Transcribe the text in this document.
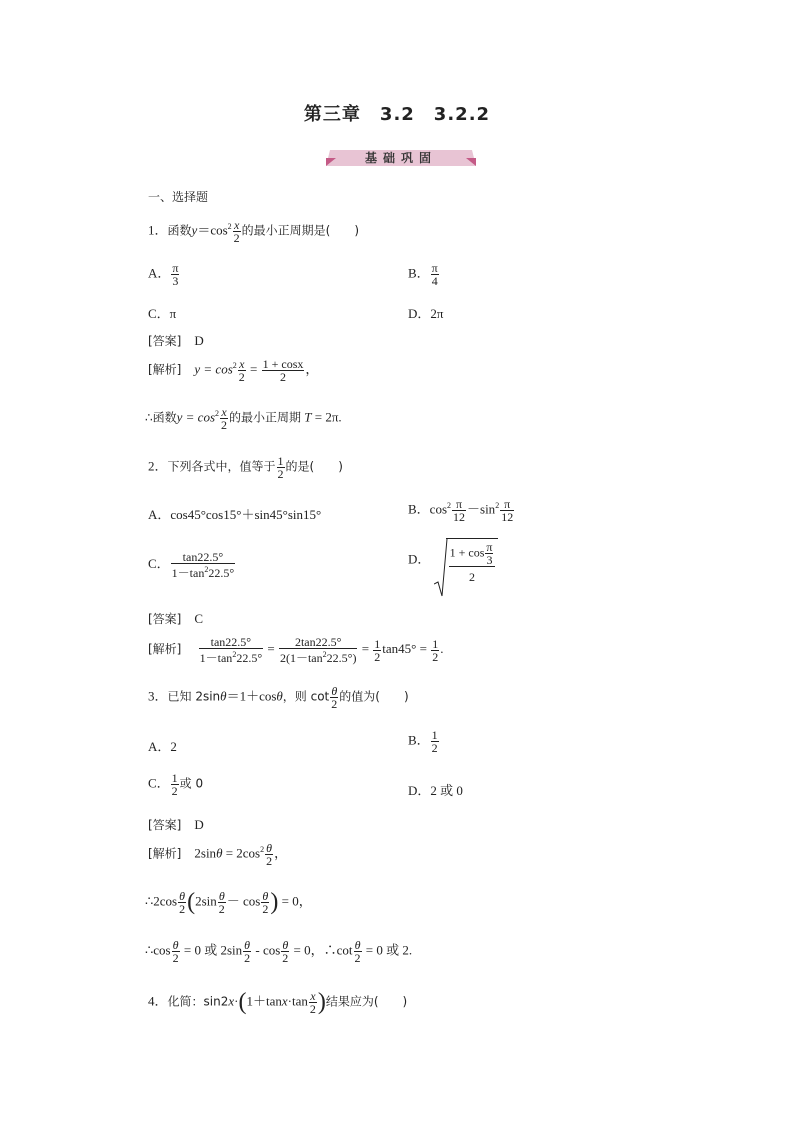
第三章　3.2　3.2.2
基础巩固
一、选择题
1．函数$y=\cos^2 \frac{x}{2}$ 的最小正周期是(　　)
A． $\frac{\pi}{3}$	B． $\frac{\pi}{4}$
C．π	D．2π
[答案]　 D
[解析]　 $y = \cos^2 \frac{x}{2} = \frac{1 + \cos x}{2}$ ，
∴函数$y = \cos^2 \frac{x}{2}$ 的最小正周期 T = 2π.
2．下列各式中，值等于 $\frac{1}{2}$ 的是(　　)
A．cos45°cos15°＋sin45°sin15°	B．$\cos^2 \frac{\pi}{12} -\sin^2 \frac{\pi}{12}$
C． $\frac{\tan 22.5^\circ}{1-\tan^222.5^\circ}$	D． $\frac{1 + \cos \frac{\pi}{3}}{2}$
[答案]　 C
[解析]　 $\frac{\tan 22.5^\circ}{1-\tan^222.5^\circ} = \frac{2\tan 22.5^\circ}{2(1-\tan^222.5^\circ)} = \frac{1}{2} \tan 45^\circ = \frac{1}{2}$ .
3．已知 2sinθ＝1＋cosθ，则 $\cot \frac{\theta}{2}$ 的值为(　　)
A．2	B． $\frac{1}{2}$
C． $\frac{1}{2}$ 或 0	D．2 或 0
[答案]　 D
[解析]　 $2\sin\theta = 2\cos^2 \frac{\theta}{2}$ ，
∴2cos $\frac{\theta}{2} (2\sin \frac{\theta}{2} - \cos \frac{\theta}{2}$ ) = 0，
∴cos $\frac{\theta}{2} = 0$ 或 $2\sin \frac{\theta}{2} - \cos \frac{\theta}{2} = 0$，∴cot $\frac{\theta}{2} = 0$ 或 2.
4．化简：$\sin 2x\cdot(1+\tan x\cdot\tan \frac{x}{2}$ )结果应为(　　)
